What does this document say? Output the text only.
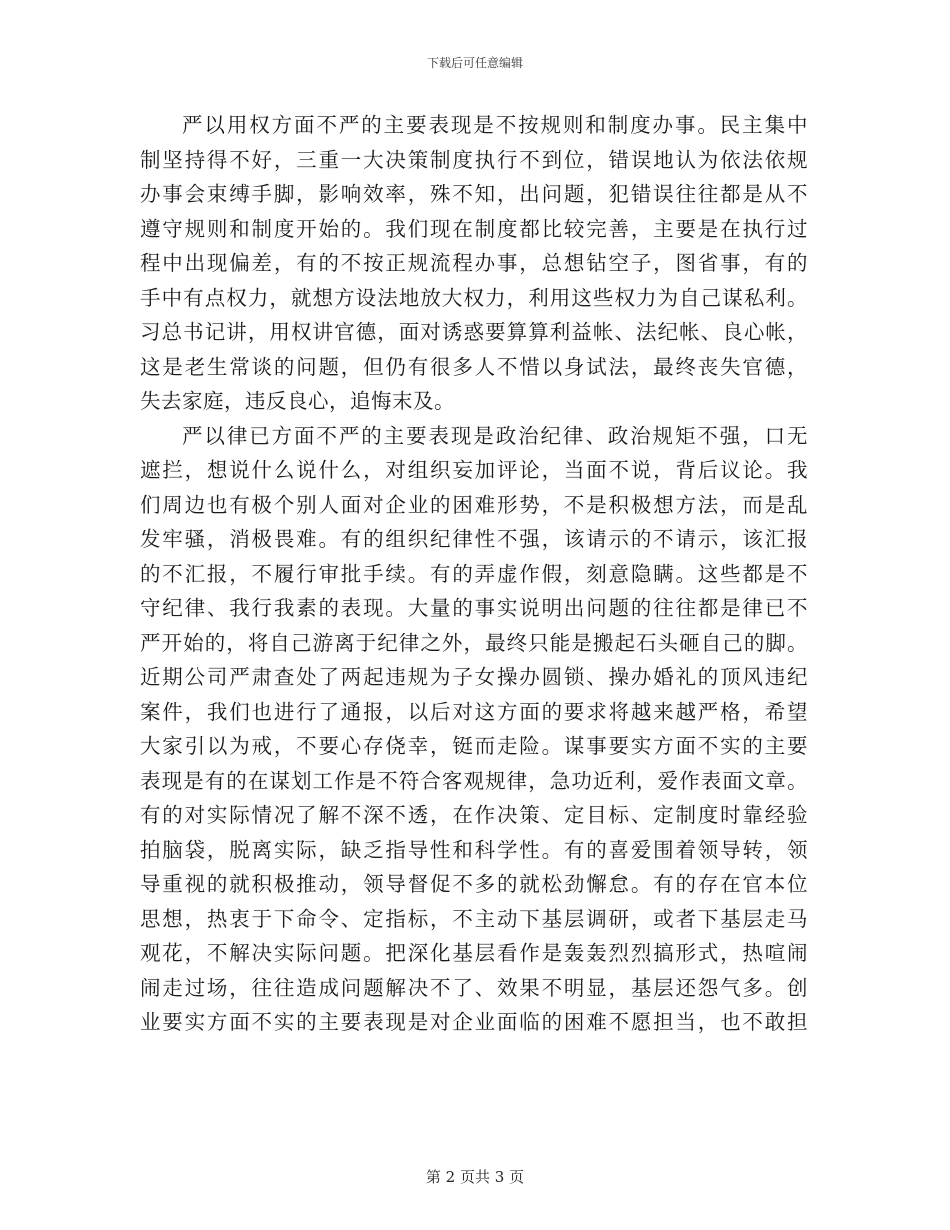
下载后可任意编辑
严以用权方面不严的主要表现是不按规则和制度办事。民主集中
制坚持得不好，三重一大决策制度执行不到位，错误地认为依法依规
办事会束缚手脚，影响效率，殊不知，出问题，犯错误往往都是从不
遵守规则和制度开始的。我们现在制度都比较完善，主要是在执行过
程中出现偏差，有的不按正规流程办事，总想钻空子，图省事，有的
手中有点权力，就想方设法地放大权力，利用这些权力为自己谋私利。
习总书记讲，用权讲官德，面对诱惑要算算利益帐、法纪帐、良心帐，
这是老生常谈的问题，但仍有很多人不惜以身试法，最终丧失官德，
失去家庭，违反良心，追悔末及。
严以律已方面不严的主要表现是政治纪律、政治规矩不强，口无
遮拦，想说什么说什么，对组织妄加评论，当面不说，背后议论。我
们周边也有极个别人面对企业的困难形势，不是积极想方法，而是乱
发牢骚，消极畏难。有的组织纪律性不强，该请示的不请示，该汇报
的不汇报，不履行审批手续。有的弄虚作假，刻意隐瞒。这些都是不
守纪律、我行我素的表现。大量的事实说明出问题的往往都是律已不
严开始的，将自己游离于纪律之外，最终只能是搬起石头砸自己的脚。
近期公司严肃查处了两起违规为子女操办圆锁、操办婚礼的顶风违纪
案件，我们也进行了通报，以后对这方面的要求将越来越严格，希望
大家引以为戒，不要心存侥幸，铤而走险。谋事要实方面不实的主要
表现是有的在谋划工作是不符合客观规律，急功近利，爱作表面文章。
有的对实际情况了解不深不透，在作决策、定目标、定制度时靠经验
拍脑袋，脱离实际，缺乏指导性和科学性。有的喜爱围着领导转，领
导重视的就积极推动，领导督促不多的就松劲懈怠。有的存在官本位
思想，热衷于下命令、定指标，不主动下基层调研，或者下基层走马
观花，不解决实际问题。把深化基层看作是轰轰烈烈搞形式，热喧闹
闹走过场，往往造成问题解决不了、效果不明显，基层还怨气多。创
业要实方面不实的主要表现是对企业面临的困难不愿担当，也不敢担
第 2 页共 3 页
